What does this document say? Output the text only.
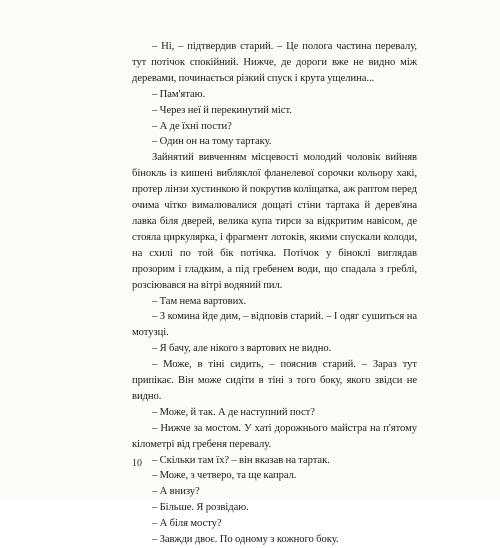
– Ні, – підтвердив старий. – Це полога частина перевалу, тут потічок спокійний. Нижче, де дороги вже не видно між деревами, починається різкий спуск і крута ущелина...

– Пам'ятаю.

– Через неї й перекинутий міст.

– А де їхні пости?

– Один он на тому тартаку.

Зайнятий вивченням місцевості молодий чоловік вийняв бінокль із кишені вибляклої фланелевої сорочки кольору хакі, протер лінзи хустинкою й покрутив коліщатка, аж раптом перед очима чітко вималювалися дощаті стіни тартака й дерев'яна лавка біля дверей, велика купа тирси за відкритим навісом, де стояла циркулярка, і фрагмент лотоків, якими спускали колоди, на схилі по той бік потічка. Потічок у біноклі виглядав прозорим і гладким, а під гребенем води, що спадала з греблі, розсіювався на вітрі водяний пил.

– Там нема вартових.

– З комина йде дим, – відповів старий. – І одяг сушиться на мотузці.

– Я бачу, але нікого з вартових не видно.

– Може, в тіні сидить, – пояснив старий. – Зараз тут припікає. Він може сидіти в тіні з того боку, якого звідси не видно.

– Може, й так. А де наступний пост?

– Нижче за мостом. У хаті дорожнього майстра на п'ятому кілометрі від гребеня перевалу.

– Скільки там їх? – він вказав на тартак.

– Може, з четверо, та ще капрал.

– А внизу?

– Більше. Я розвідаю.

– А біля мосту?

– Завжди двоє. По одному з кожного боку.

10
